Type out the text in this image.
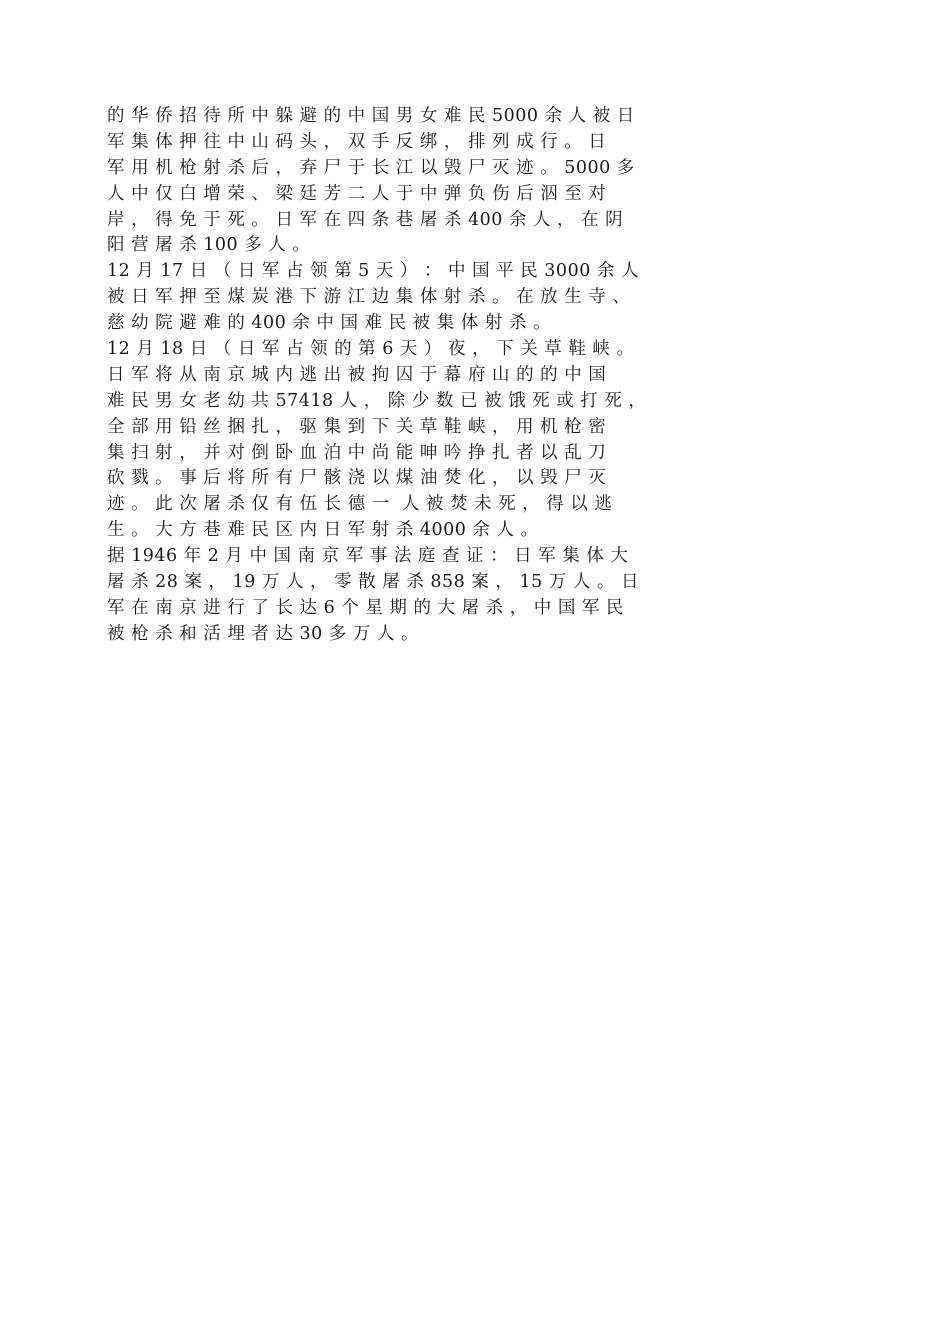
的 华 侨 招 待 所 中 躲 避 的 中 国 男 女 难 民 5000 余 人 被 日
军 集 体 押 往 中 山 码 头 ， 双 手 反 绑 ， 排 列 成 行 。 日
军 用 机 枪 射 杀 后 ， 弃 尸 于 长 江 以 毁 尸 灭 迹 。 5000 多
人 中 仅 白 增 荣 、 梁 廷 芳 二 人 于 中 弹 负 伤 后 泅 至 对
岸 ， 得 免 于 死 。 日 军 在 四 条 巷 屠 杀 400 余 人 ， 在 阴
阳 营 屠 杀 100 多 人 。
12 月 17 日 （ 日 军 占 领 第 5 天 ） ： 中 国 平 民 3000 余 人
被 日 军 押 至 煤 炭 港 下 游 江 边 集 体 射 杀 。 在 放 生 寺 、
慈 幼 院 避 难 的 400 余 中 国 难 民 被 集 体 射 杀 。
12 月 18 日 （ 日 军 占 领 的 第 6 天 ） 夜 ， 下 关 草 鞋 峡 。
日 军 将 从 南 京 城 内 逃 出 被 拘 囚 于 幕 府 山 的 的 中 国
难 民 男 女 老 幼 共 57418 人 ， 除 少 数 已 被 饿 死 或 打 死 ，
全 部 用 铅 丝 捆 扎 ， 驱 集 到 下 关 草 鞋 峡 ， 用 机 枪 密
集 扫 射 ， 并 对 倒 卧 血 泊 中 尚 能 呻 吟 挣 扎 者 以 乱 刀
砍 戮 。 事 后 将 所 有 尸 骸 浇 以 煤 油 焚 化 ， 以 毁 尸 灭
迹 。 此 次 屠 杀 仅 有 伍 长 德 一  人 被 焚 未 死 ， 得 以 逃
生 。 大 方 巷 难 民 区 内 日 军 射 杀 4000 余 人 。
据 1946 年 2 月 中 国 南 京 军 事 法 庭 查 证 ： 日 军 集 体 大
屠 杀 28 案 ， 19 万 人 ， 零 散 屠 杀 858 案 ， 15 万 人 。 日
军 在 南 京 进 行 了 长 达 6 个 星 期 的 大 屠 杀 ， 中 国 军 民
被 枪 杀 和 活 埋 者 达 30 多 万 人 。
